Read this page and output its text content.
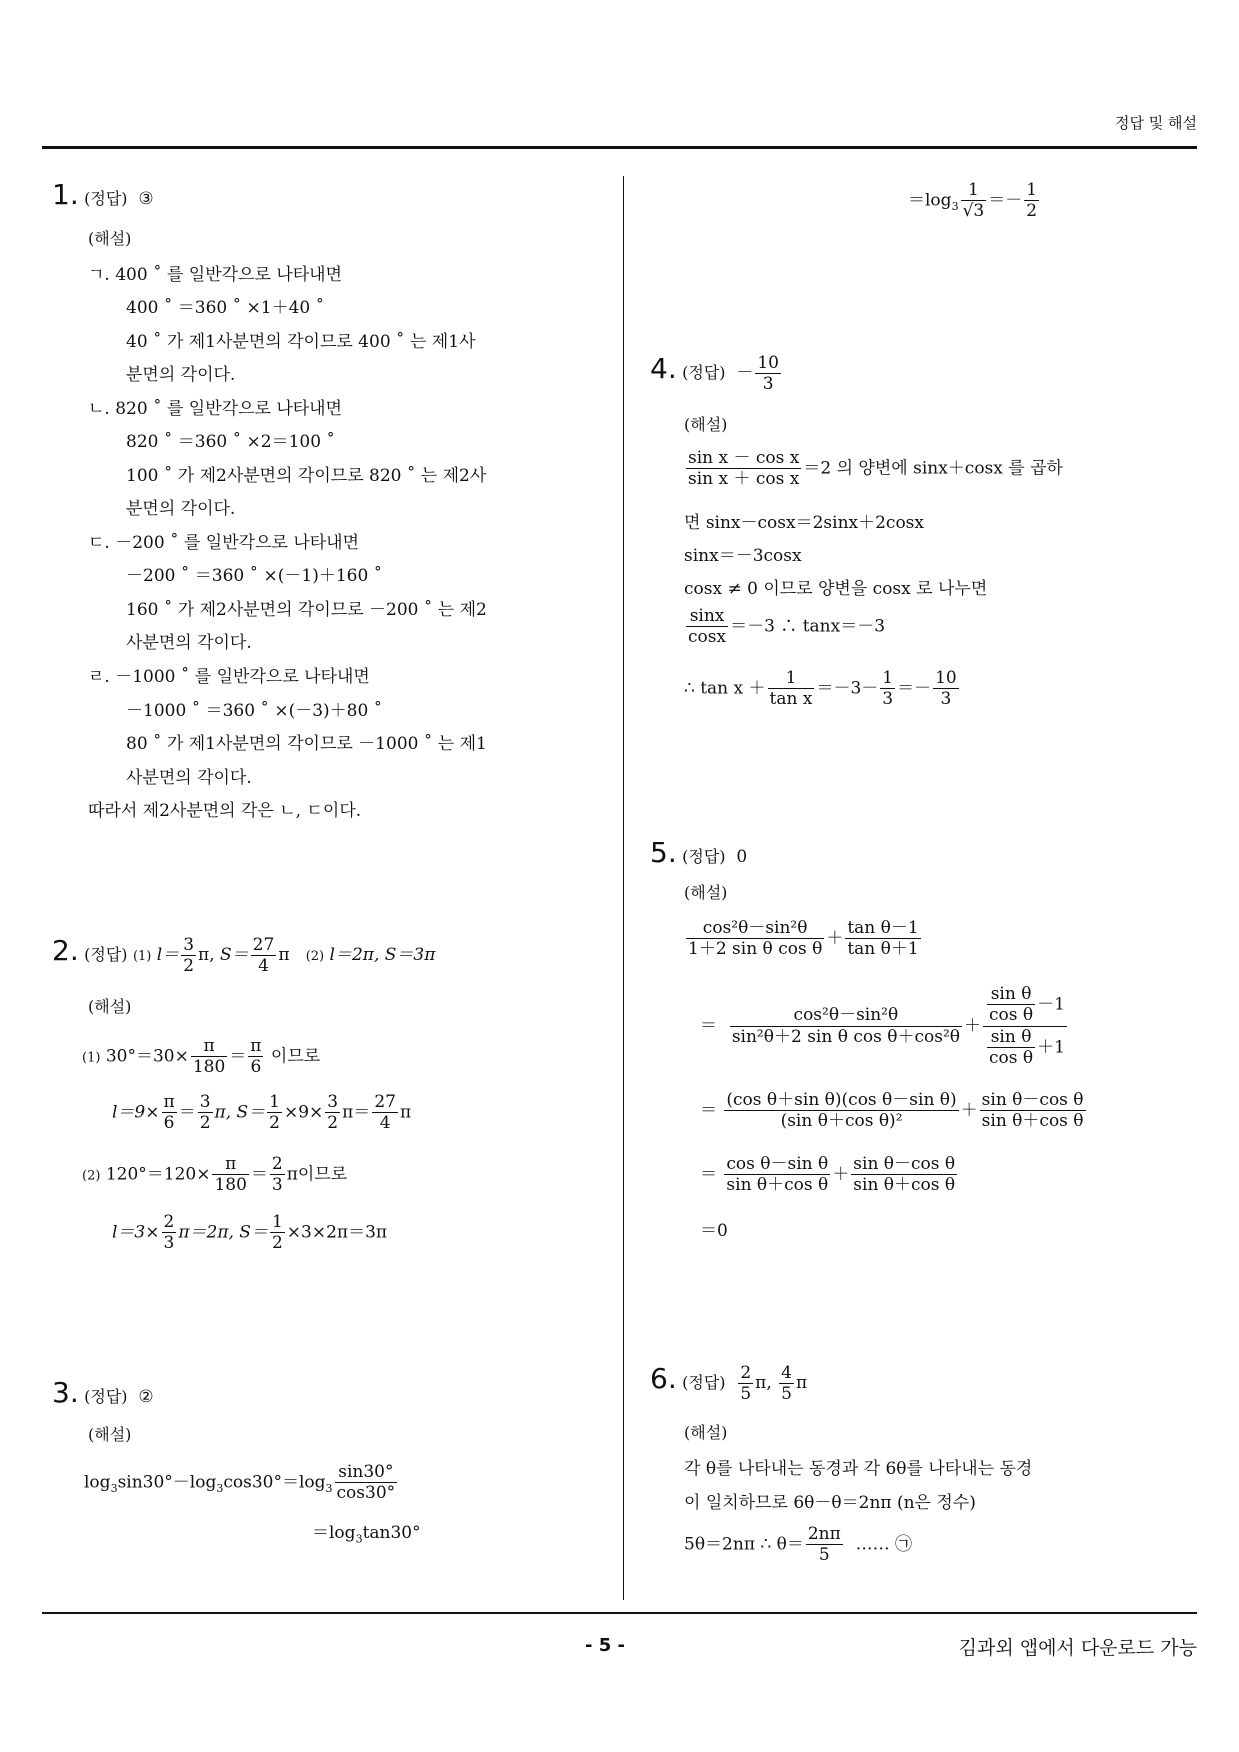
정답 및 해설
- 5 -	김과외 앱에서 다운로드 가능
1. (정답) ③
(해설)
ㄱ. 400 ˚ 를 일반각으로 나타내면
400 ˚ ＝360 ˚ ×1＋40 ˚
40 ˚ 가 제1사분면의 각이므로 400 ˚ 는 제1사
분면의 각이다.
ㄴ. 820 ˚ 를 일반각으로 나타내면
820 ˚ ＝360 ˚ ×2＝100 ˚
100 ˚ 가 제2사분면의 각이므로 820 ˚ 는 제2사
분면의 각이다.
ㄷ. －200 ˚ 를 일반각으로 나타내면
－200 ˚ ＝360 ˚ ×(－1)＋160 ˚
160 ˚ 가 제2사분면의 각이므로 －200 ˚ 는 제2
사분면의 각이다.
ㄹ. －1000 ˚ 를 일반각으로 나타내면
－1000 ˚ ＝360 ˚ ×(－3)＋80 ˚
80 ˚ 가 제1사분면의 각이므로 －1000 ˚ 는 제1
사분면의 각이다.
따라서 제2사분면의 각은 ㄴ, ㄷ이다.
2. (정답) (1) $l= \frac{3}{2} \pi$, $S= \frac{27}{4}$ π (2) l＝2π, S＝3π
(해설)
(1) $30^\circ=30\times \frac{\pi}{180} = \frac{\pi}{6}$ 이므로
$l=9\times \frac{\pi}{6} = \frac{3}{2} \pi$, $S= \frac{1}{2} \times 9\times \frac{3}{2} \pi= \frac{27}{4}$ π
(2) $120^\circ=120\times \frac{\pi}{180} = \frac{2}{3}$ π이므로
$l=3\times \frac{2}{3} \pi=2\pi$, $S= \frac{1}{2} \times 3\times 2\pi=3\pi$
3. (정답) ②
(해설)
$\log_3\sin 30^\circ-\log_3\cos 30^\circ=\log_3 \frac{\sin 30^\circ}{\cos 30^\circ}$
$=\log_3\tan 30^\circ$
$=\log_3 \frac{1}{√3} =- \frac{1}{2}$
4. (정답) － $\frac{10}{3}$
(해설)
$\frac{\text{sin x － cos x}}{\text{sin x ＋ cos x}} =2$ 의 양변에 sinx＋cosx 를 곱하
면 sinx－cosx＝2sinx＋2cosx
sinx＝－3cosx
cosx ≠ 0 이므로 양변을 cosx 로 나누면
$\frac{\sin x}{\cos x} =-3$ ∴ tanx＝－3
∴ $\tan x + \frac{1}{\text{tan x}} =-3- \frac{1}{3} =- \frac{10}{3}$
5. (정답) 0
(해설)
$\frac{\text{cos²θ－sin²θ}}{\text{1＋2 sin θ cos θ}} + \frac{\text{tan θ－1}}{\text{tan θ＋1}}$
＝ $\frac{\text{cos²θ－sin²θ}}{\text{sin²θ＋2 sin θ cos θ＋cos²θ}} + \frac{\frac{\text{sin θ}}{\text{cos θ}} -1}{\frac{\text{sin θ}}{\text{cos θ}} +1}$
＝ $\frac{\text{(cos θ＋sin θ)(cos θ－sin θ)}}{\text{(sin θ＋cos θ)²}} + \frac{\text{sin θ－cos θ}}{\text{sin θ＋cos θ}}$
＝ $\frac{\text{cos θ－sin θ}}{\text{sin θ＋cos θ}} + \frac{\text{sin θ－cos θ}}{\text{sin θ＋cos θ}}$
＝0
6. (정답) $\frac{2}{5} \pi$, $\frac{4}{5}$ π
(해설)
각 θ를 나타내는 동경과 각 6θ를 나타내는 동경
이 일치하므로 6θ－θ＝2nπ (n은 정수)
5θ＝2nπ ∴ $\theta= \frac{2n\pi}{5}$ …… ㉠
